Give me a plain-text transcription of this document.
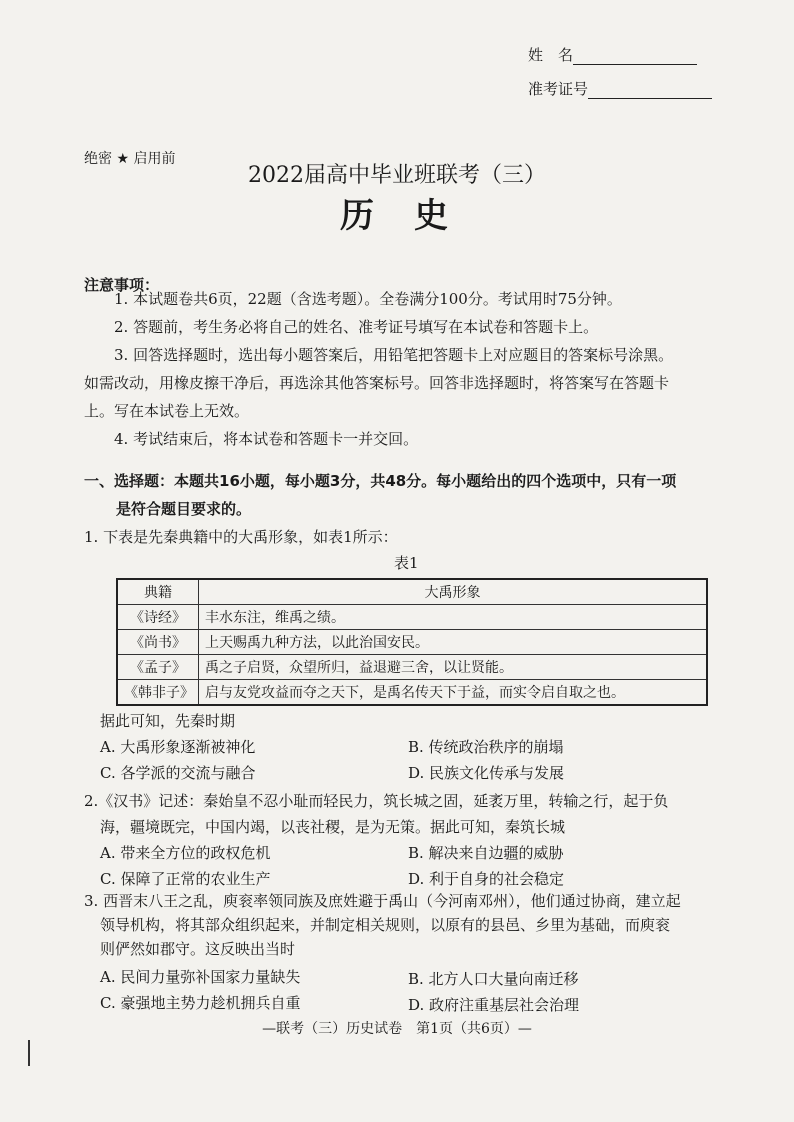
姓　名
准考证号
绝密 ★ 启用前
2022届高中毕业班联考（三）
历史
注意事项：
1. 本试题卷共6页，22题（含选考题）。全卷满分100分。考试用时75分钟。
2. 答题前，考生务必将自己的姓名、准考证号填写在本试卷和答题卡上。
3. 回答选择题时，选出每小题答案后，用铅笔把答题卡上对应题目的答案标号涂黑。
如需改动，用橡皮擦干净后，再选涂其他答案标号。回答非选择题时，将答案写在答题卡
上。写在本试卷上无效。
4. 考试结束后，将本试卷和答题卡一并交回。
一、选择题：本题共16小题，每小题3分，共48分。每小题给出的四个选项中，只有一项
是符合题目要求的。
1. 下表是先秦典籍中的大禹形象，如表1所示：
表1
典籍	大禹形象
《诗经》	丰水东注，维禹之绩。
《尚书》	上天赐禹九种方法，以此治国安民。
《孟子》	禹之子启贤，众望所归，益退避三舍，以让贤能。
《韩非子》	启与友党攻益而夺之天下，是禹名传天下于益，而实令启自取之也。
据此可知，先秦时期
A. 大禹形象逐渐被神化	B. 传统政治秩序的崩塌
C. 各学派的交流与融合	D. 民族文化传承与发展
2.《汉书》记述：秦始皇不忍小耻而轻民力，筑长城之固，延袤万里，转输之行，起于负
海，疆境既完，中国内竭，以丧社稷，是为无策。据此可知，秦筑长城
A. 带来全方位的政权危机	B. 解决来自边疆的威胁
C. 保障了正常的农业生产	D. 利于自身的社会稳定
3. 西晋末八王之乱，庾衮率领同族及庶姓避于禹山（今河南邓州），他们通过协商，建立起
领导机构，将其部众组织起来，并制定相关规则，以原有的县邑、乡里为基础，而庾衮
则俨然如郡守。这反映出当时
A. 民间力量弥补国家力量缺失	B. 北方人口大量向南迁移
C. 豪强地主势力趁机拥兵自重	D. 政府注重基层社会治理
—联考（三）历史试卷　第1页（共6页）—
